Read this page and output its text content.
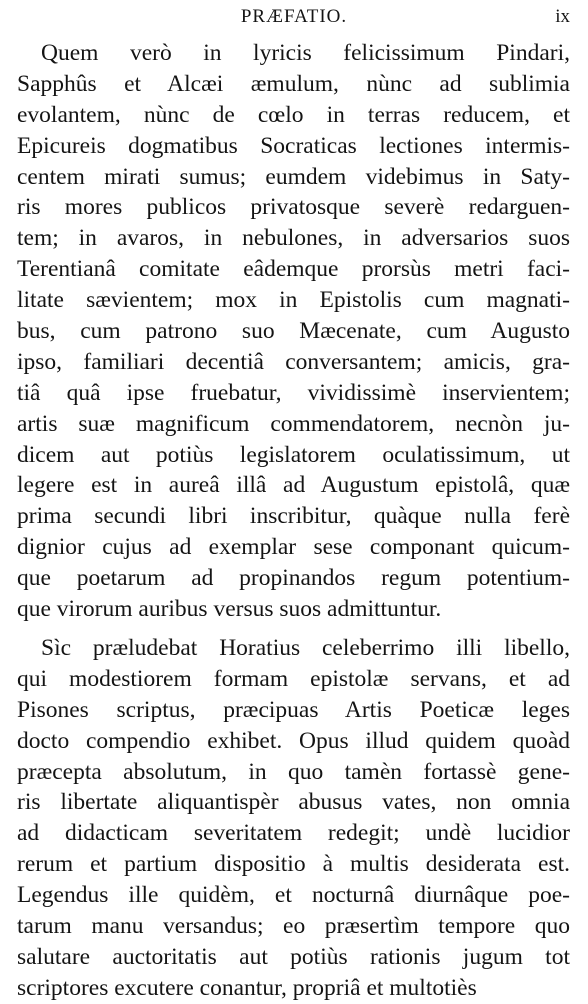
PRÆFATIO.	ix
Quem verò in lyricis felicissimum Pindari,
Sapphûs et Alcæi æmulum, nùnc ad sublimia
evolantem, nùnc de cœlo in terras reducem, et
Epicureis dogmatibus Socraticas lectiones intermis-
centem mirati sumus; eumdem videbimus in Saty-
ris mores publicos privatosque severè redarguen-
tem; in avaros, in nebulones, in adversarios suos
Terentianâ comitate eâdemque prorsùs metri faci-
litate sævientem; mox in Epistolis cum magnati-
bus, cum patrono suo Mæcenate, cum Augusto
ipso, familiari decentiâ conversantem; amicis, gra-
tiâ quâ ipse fruebatur, vividissimè inservientem;
artis suæ magnificum commendatorem, necnòn ju-
dicem aut potiùs legislatorem oculatissimum, ut
legere est in aureâ illâ ad Augustum epistolâ, quæ
prima secundi libri inscribitur, quàque nulla ferè
dignior cujus ad exemplar sese componant quicum-
que poetarum ad propinandos regum potentium-
que virorum auribus versus suos admittuntur.
Sìc præludebat Horatius celeberrimo illi libello,
qui modestiorem formam epistolæ servans, et ad
Pisones scriptus, præcipuas Artis Poeticæ leges
docto compendio exhibet. Opus illud quidem quoàd
præcepta absolutum, in quo tamèn fortassè gene-
ris libertate aliquantispèr abusus vates, non omnia
ad didacticam severitatem redegit; undè lucidior
rerum et partium dispositio à multis desiderata est.
Legendus ille quidèm, et nocturnâ diurnâque poe-
tarum manu versandus; eo præsertìm tempore quo
salutare auctoritatis aut potiùs rationis jugum tot
scriptores excutere conantur, propriâ et multotiès
